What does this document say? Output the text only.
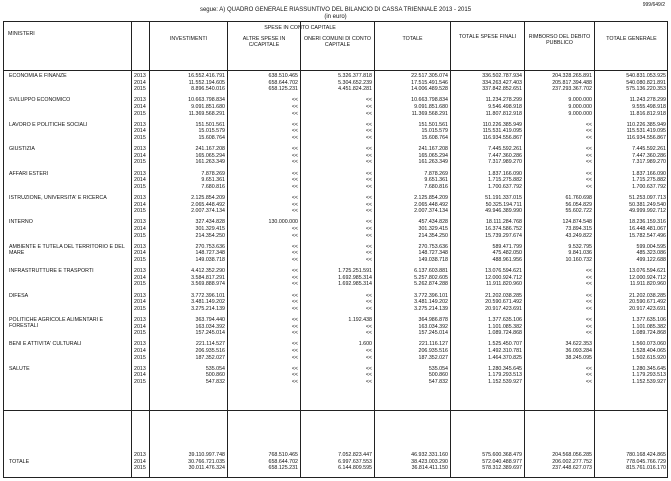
999/649/2
segue: A) QUADRO GENERALE RIASSUNTIVO DEL BILANCIO DI CASSA TRIENNALE 2013 - 2015
(in euro)
MINISTERI
SPESE IN CONTO CAPITALE
INVESTIMENTI	ALTRE SPESE IN C/CAPITALE
ONERI COMUNI DI CONTO CAPITALE
TOTALE	TOTALE SPESE FINALI	RIMBORSO DEL DEBITO PUBBLICO
TOTALE GENERALE
ECONOMIA E FINANZE	2013	16.552.416.791	638.510.465	5.326.377.818	22.517.305.074	336.502.787.934	204.328.265.891	540.831.053.925
2014	11.552.194.605	658.644.702	5.304.652.239	17.515.491.546	334.263.427.403	205.817.394.488	540.080.821.891
2015	8.896.540.016	658.125.231	4.451.824.281	14.006.489.528	337.842.852.651	237.293.367.702	575.136.220.353
SVILUPPO ECONOMICO	2013	10.663.798.834	<<	<<	10.663.798.834	11.234.278.299	9.000.000	11.243.278.299
2014	9.091.851.680	<<	<<	9.091.851.680	9.546.498.918	9.000.000	9.555.498.918
2015	11.369.568.291	<<	<<	11.369.568.291	11.807.812.918	9.000.000	11.816.812.918
LAVORO E POLITICHE SOCIALI	2013	151.501.561	<<	<<	151.501.561	110.226.385.949	<<	110.226.385.949
2014	15.015.579	<<	<<	15.015.579	115.531.419.095	<<	115.531.419.095
2015	15.608.764	<<	<<	15.608.764	116.934.556.867	<<	116.934.556.867
GIUSTIZIA	2013	241.167.208	<<	<<	241.167.208	7.445.592.261	<<	7.445.592.261
2014	165.065.294	<<	<<	165.065.294	7.447.360.286	<<	7.447.360.286
2015	161.263.349	<<	<<	161.263.349	7.317.989.270	<<	7.317.989.270
AFFARI ESTERI	2013	7.878.269	<<	<<	7.878.269	1.837.166.090	<<	1.837.166.090
2014	9.651.361	<<	<<	9.651.361	1.715.275.882	<<	1.715.275.882
2015	7.680.816	<<	<<	7.680.816	1.700.637.792	<<	1.700.637.792
ISTRUZIONE, UNIVERSITA' E RICERCA	2013	2.125.854.209	<<	<<	2.125.854.209	51.191.337.015	61.760.698	51.253.097.713
2014	2.065.448.492	<<	<<	2.065.448.492	50.325.194.711	56.054.829	50.381.249.540
2015	2.007.374.134	<<	<<	2.007.374.134	49.946.389.990	55.602.722	49.999.992.712
INTERNO	2013	327.434.828	130.000.000	<<	457.434.828	18.111.284.768	124.874.548	18.236.159.316
2014	301.329.415	<<	<<	301.329.415	16.374.586.752	73.894.315	16.448.481.067
2015	214.354.250	<<	<<	214.354.250	15.739.297.674	43.249.822	15.782.547.496
AMBIENTE E TUTELA DEL TERRITORIO E DEL MARE
2013	270.753.636	<<	<<	270.753.636	589.471.799	9.532.795	599.004.595
2014	148.727.348	<<	<<	148.727.348	475.482.050	9.841.036	485.323.086
2015	149.038.718	<<	<<	149.038.718	488.961.956	10.160.732	499.122.688
INFRASTRUTTURE E TRASPORTI	2013	4.412.352.290	<<	1.725.251.591	6.137.603.881	13.076.594.621	<<	13.076.594.621
2014	3.584.817.291	<<	1.692.985.314	5.257.802.605	12.000.924.712	<<	12.000.924.712
2015	3.569.888.974	<<	1.692.985.314	5.262.874.288	11.911.820.960	<<	11.911.820.960
DIFESA	2013	3.772.396.101	<<	<<	3.772.396.101	21.202.038.285	<<	21.202.038.285
2014	3.481.149.202	<<	<<	3.481.149.202	20.590.671.492	<<	20.590.671.492
2015	3.275.214.139	<<	<<	3.275.214.139	20.917.423.691	<<	20.917.423.691
POLITICHE AGRICOLE ALIMENTARI E FORESTALI
2013	363.794.440	<<	1.192.438	364.986.878	1.377.635.106	<<	1.377.635.106
2014	163.034.392	<<	<<	163.034.392	1.101.085.382	<<	1.101.085.382
2015	157.245.014	<<	<<	157.245.014	1.089.724.868	<<	1.089.724.868
BENI E ATTIVITA' CULTURALI	2013	221.114.527	<<	1.600	221.116.127	1.525.450.707	34.622.353	1.560.073.060
2014	206.935.516	<<	<<	206.935.516	1.492.310.781	36.093.284	1.528.404.065
2015	187.352.027	<<	<<	187.352.027	1.464.370.825	38.245.095	1.502.615.920
SALUTE	2013	535.054	<<	<<	535.054	1.280.345.645	<<	1.280.345.645
2014	500.860	<<	<<	500.860	1.179.293.513	<<	1.179.293.513
2015	547.832	<<	<<	547.832	1.152.539.927	<<	1.152.539.927
TOTALE
2013	39.110.997.748	768.510.465	7.052.823.447	46.932.331.160	575.600.368.479	204.568.056.285	780.168.424.865
2014	30.766.721.035	658.644.702	6.997.637.553	38.423.003.290	572.040.488.977	206.002.277.752	778.045.766.729
2015	30.011.476.324	658.125.231	6.144.809.595	36.814.411.150	578.312.389.697	237.448.627.073	815.761.016.170
